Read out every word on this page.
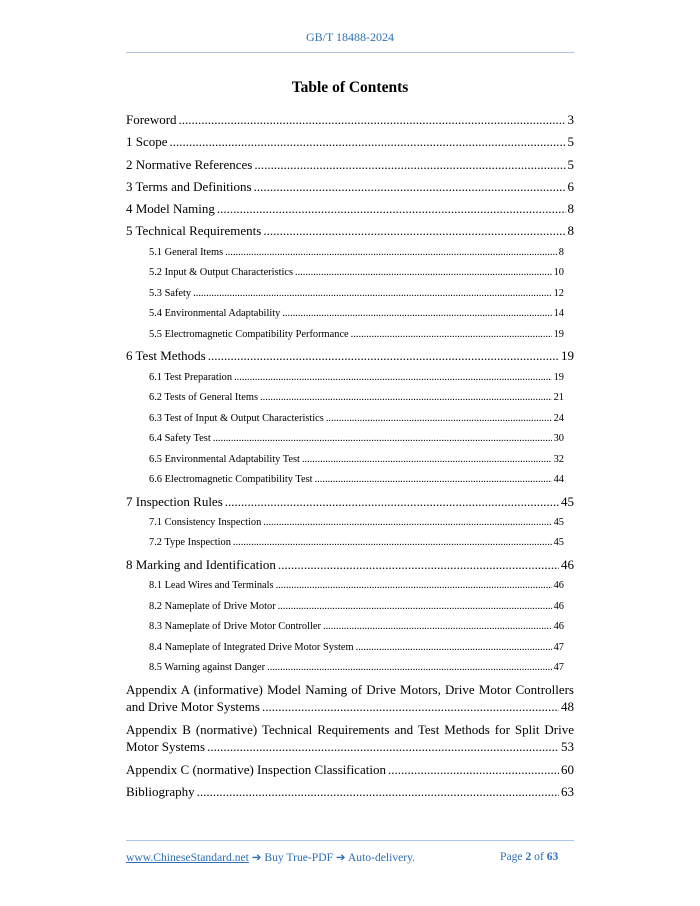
GB/T 18488-2024
Table of Contents
Foreword .....	3
1 Scope .....	5
2 Normative References .....	5
3 Terms and Definitions .....	6
4 Model Naming .....	8
5 Technical Requirements .....	8
5.1 General Items .....	8
5.2 Input & Output Characteristics .....	10
5.3 Safety .....	12
5.4 Environmental Adaptability .....	14
5.5 Electromagnetic Compatibility Performance .....	19
6 Test Methods .....	19
6.1 Test Preparation .....	19
6.2 Tests of General Items .....	21
6.3 Test of Input & Output Characteristics .....	24
6.4 Safety Test .....	30
6.5 Environmental Adaptability Test .....	32
6.6 Electromagnetic Compatibility Test .....	44
7 Inspection Rules .....	45
7.1 Consistency Inspection .....	45
7.2 Type Inspection .....	45
8 Marking and Identification .....	46
8.1 Lead Wires and Terminals .....	46
8.2 Nameplate of Drive Motor .....	46
8.3 Nameplate of Drive Motor Controller .....	46
8.4 Nameplate of Integrated Drive Motor System .....	47
8.5 Warning against Danger .....	47
Appendix A (informative) Model Naming of Drive Motors, Drive Motor Controllers
and Drive Motor Systems .....	48
Appendix B (normative) Technical Requirements and Test Methods for Split Drive
Motor Systems .....	53
Appendix C (normative) Inspection Classification .....	60
Bibliography .....	63
www.ChineseStandard.net ➔ Buy True-PDF ➔ Auto-delivery.	Page 2 of 63
